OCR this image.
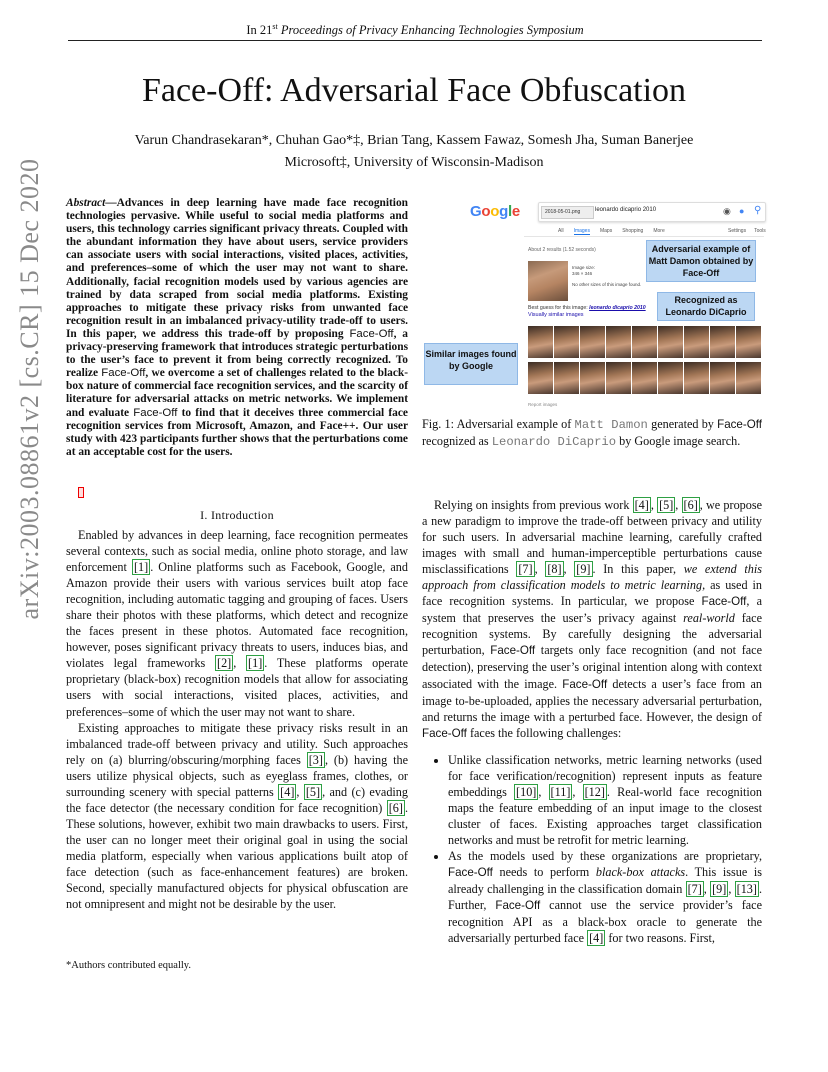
In 21st Proceedings of Privacy Enhancing Technologies Symposium
arXiv:2003.08861v2 [cs.CR] 15 Dec 2020
Face-Off: Adversarial Face Obfuscation
Varun Chandrasekaran*, Chuhan Gao*‡, Brian Tang, Kassem Fawaz, Somesh Jha, Suman Banerjee
Microsoft‡, University of Wisconsin-Madison
Abstract—Advances in deep learning have made face recognition technologies pervasive. While useful to social media platforms and users, this technology carries significant privacy threats. Coupled with the abundant information they have about users, service providers can associate users with social interactions, visited places, activities, and preferences–some of which the user may not want to share. Additionally, facial recognition models used by various agencies are trained by data scraped from social media platforms. Existing approaches to mitigate these privacy risks from unwanted face recognition result in an imbalanced privacy-utility trade-off to users. In this paper, we address this trade-off by proposing Face-Off, a privacy-preserving framework that introduces strategic perturbations to the user’s face to prevent it from being correctly recognized. To realize Face-Off, we overcome a set of challenges related to the black-box nature of commercial face recognition services, and the scarcity of literature for adversarial attacks on metric networks. We implement and evaluate Face-Off to find that it deceives three commercial face recognition services from Microsoft, Amazon, and Face++. Our user study with 423 participants further shows that the perturbations come at an acceptable cost for the users.
I. Introduction

Enabled by advances in deep learning, face recognition permeates several contexts, such as social media, online photo storage, and law enforcement [1] . Online platforms such as Facebook, Google, and Amazon provide their users with various services built atop face recognition, including automatic tagging and grouping of faces. Users share their photos with these platforms, which detect and recognize the faces present in these photos. Automated face recognition, however, poses significant privacy threats to users, induces bias, and violates legal frameworks [2] , [1] . These platforms operate proprietary (black-box) recognition models that allow for associating users with social interactions, visited places, activities, and preferences–some of which the user may not want to share.

Existing approaches to mitigate these privacy risks result in an imbalanced trade-off between privacy and utility. Such approaches rely on (a) blurring/obscuring/morphing faces [3] , (b) having the users utilize physical objects, such as eyeglass frames, clothes, or surrounding scenery with special patterns [4] , [5] , and (c) evading the face detector (the necessary condition for face recognition) [6] . These solutions, however, exhibit two main drawbacks to users. First, the user can no longer meet their original goal in using the social media platform, especially when various applications built atop of face detection (such as face-enhancement features) are broken. Second, specially manufactured objects for physical obfuscation are not omnipresent and might not be desirable by the user.

*Authors contributed equally.
Google	2018-05-01.png	leonardo dicaprio 2010	◉ ● ⚲
All Images Maps Shopping More	Settings Tools
About 2 results (1.52 seconds)
Image size:
346 × 346
No other sizes of this image found.
Adversarial example of Matt Damon obtained by Face-Off
Best guess for this image: leonardo dicaprio 2010
Recognized as Leonardo DiCaprio
Visually similar images
Similar images found by Google
Report images
Fig. 1: Adversarial example of Matt Damon generated by Face-Off recognized as Leonardo DiCaprio by Google image search.

Relying on insights from previous work [4] , [5] , [6] , we propose a new paradigm to improve the trade-off between privacy and utility for such users. In adversarial machine learning, carefully crafted images with small and human-imperceptible perturbations cause misclassifications [7] , [8] , [9] . In this paper, we extend this approach from classification models to metric learning, as used in face recognition systems. In particular, we propose Face-Off, a system that preserves the user’s privacy against real-world face recognition systems. By carefully designing the adversarial perturbation, Face-Off targets only face recognition (and not face detection), preserving the user’s original intention along with context associated with the image. Face-Off detects a user’s face from an image to-be-uploaded, applies the necessary adversarial perturbation, and returns the image with a perturbed face. However, the design of Face-Off faces the following challenges:

• Unlike classification networks, metric learning networks (used for face verification/recognition) represent inputs as feature embeddings [10] , [11] , [12] . Real-world face recognition maps the feature embedding of an input image to the closest cluster of faces. Existing approaches target classification networks and must be retrofit for metric learning.
• As the models used by these organizations are proprietary, Face-Off needs to perform black-box attacks. This issue is already challenging in the classification domain [7] , [9] , [13] . Further, Face-Off cannot use the service provider’s face recognition API as a black-box oracle to generate the adversarially perturbed face [4] for two reasons. First,
